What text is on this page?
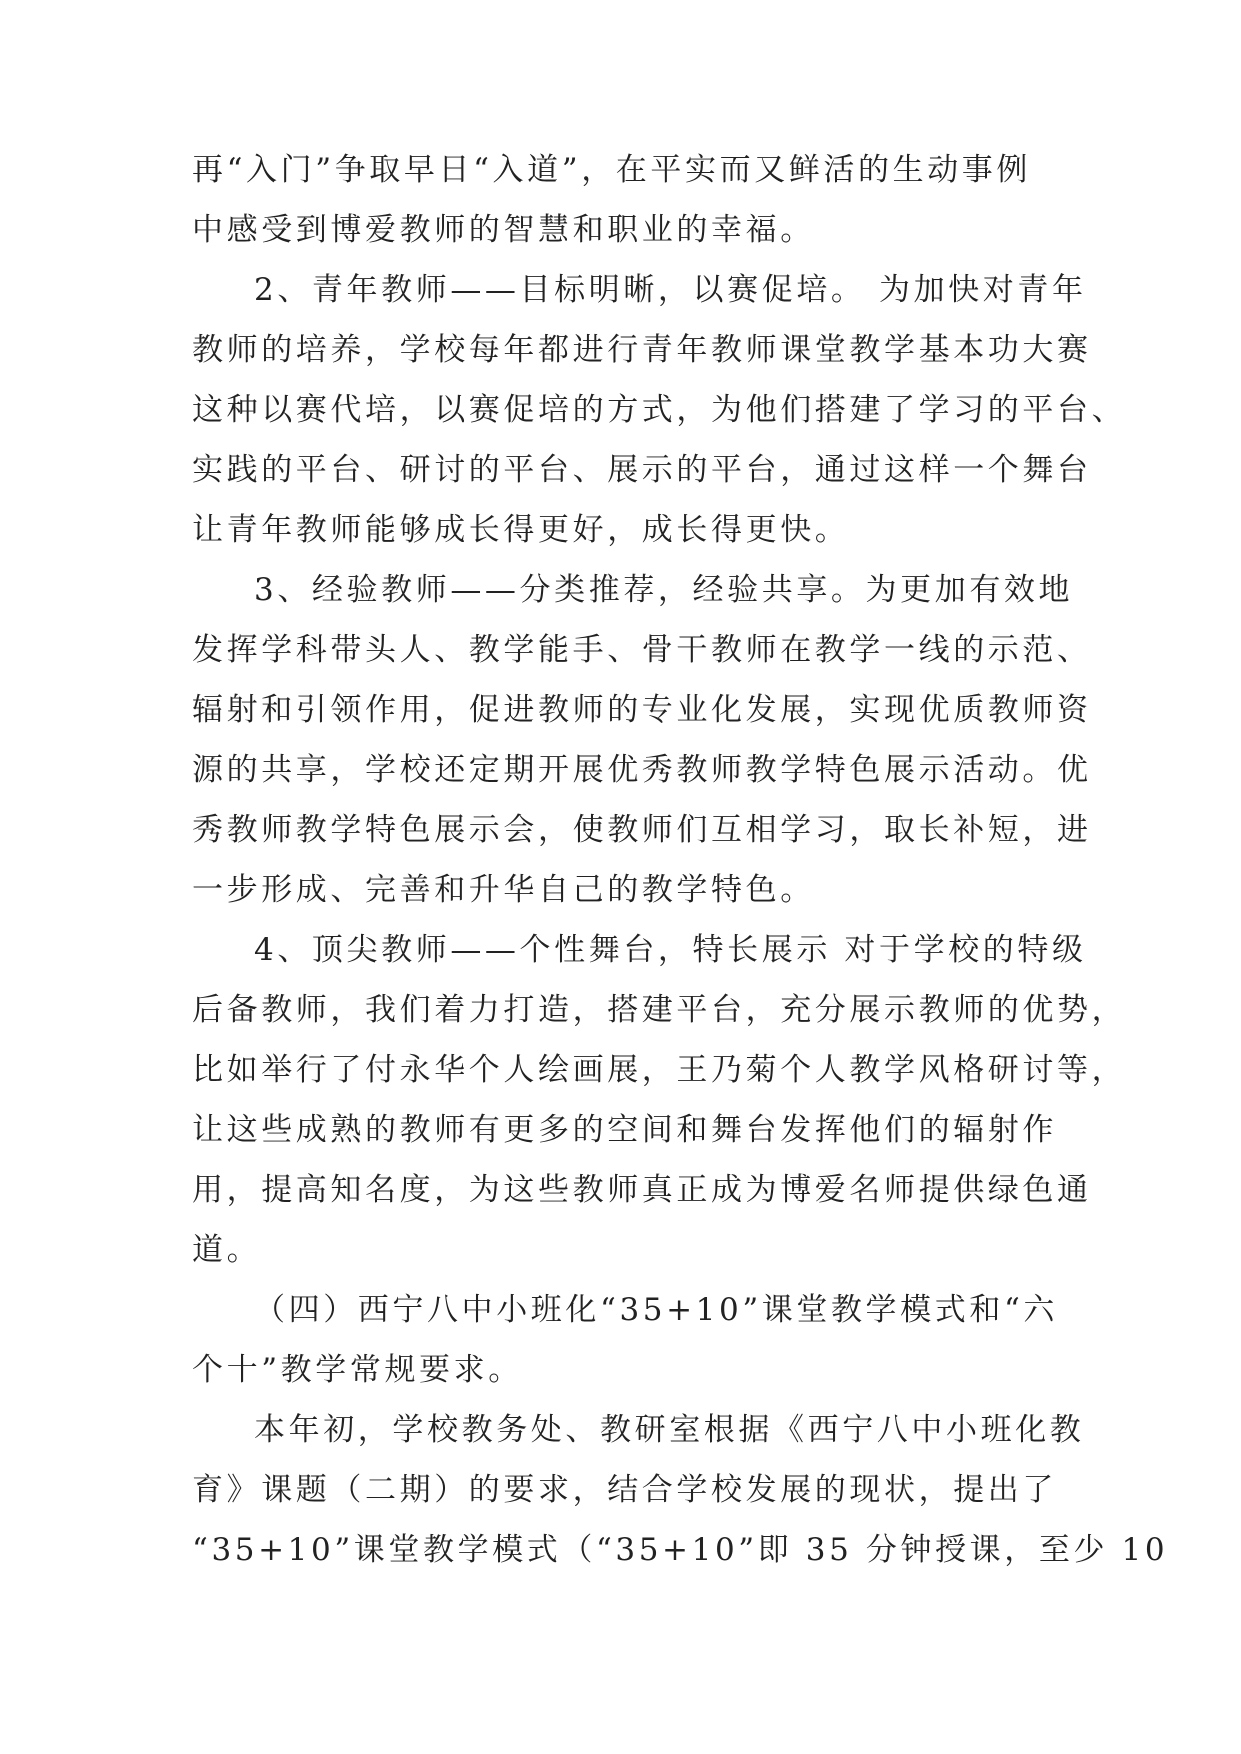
再“入门”争取早日“入道”，在平实而又鲜活的生动事例
中感受到博爱教师的智慧和职业的幸福。
2、青年教师——目标明晰，以赛促培。 为加快对青年
教师的培养，学校每年都进行青年教师课堂教学基本功大赛
这种以赛代培，以赛促培的方式，为他们搭建了学习的平台、
实践的平台、研讨的平台、展示的平台，通过这样一个舞台
让青年教师能够成长得更好，成长得更快。
3、经验教师——分类推荐，经验共享。为更加有效地
发挥学科带头人、教学能手、骨干教师在教学一线的示范、
辐射和引领作用，促进教师的专业化发展，实现优质教师资
源的共享，学校还定期开展优秀教师教学特色展示活动。优
秀教师教学特色展示会，使教师们互相学习，取长补短，进
一步形成、完善和升华自己的教学特色。
4、顶尖教师——个性舞台，特长展示 对于学校的特级
后备教师，我们着力打造，搭建平台，充分展示教师的优势，
比如举行了付永华个人绘画展，王乃菊个人教学风格研讨等，
让这些成熟的教师有更多的空间和舞台发挥他们的辐射作
用，提高知名度，为这些教师真正成为博爱名师提供绿色通
道。
（四）西宁八中小班化“35+10”课堂教学模式和“六
个十”教学常规要求。
本年初，学校教务处、教研室根据《西宁八中小班化教
育》课题（二期）的要求，结合学校发展的现状，提出了
“35+10”课堂教学模式（“35+10”即 35 分钟授课，至少 10
